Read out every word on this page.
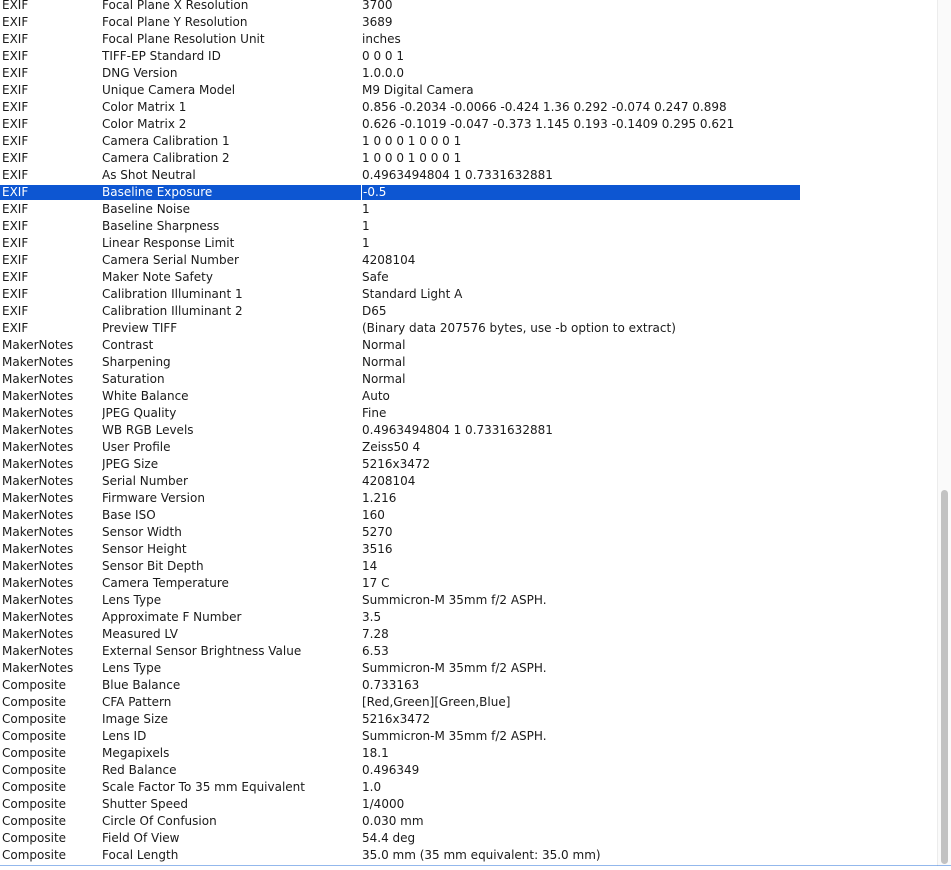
EXIF	Focal Plane X Resolution	3700
EXIF	Focal Plane Y Resolution	3689
EXIF	Focal Plane Resolution Unit	inches
EXIF	TIFF-EP Standard ID	0 0 0 1
EXIF	DNG Version	1.0.0.0
EXIF	Unique Camera Model	M9 Digital Camera
EXIF	Color Matrix 1	0.856 -0.2034 -0.0066 -0.424 1.36 0.292 -0.074 0.247 0.898
EXIF	Color Matrix 2	0.626 -0.1019 -0.047 -0.373 1.145 0.193 -0.1409 0.295 0.621
EXIF	Camera Calibration 1	1 0 0 0 1 0 0 0 1
EXIF	Camera Calibration 2	1 0 0 0 1 0 0 0 1
EXIF	As Shot Neutral	0.4963494804 1 0.7331632881
EXIF	Baseline Exposure	-0.5
EXIF	Baseline Noise	1
EXIF	Baseline Sharpness	1
EXIF	Linear Response Limit	1
EXIF	Camera Serial Number	4208104
EXIF	Maker Note Safety	Safe
EXIF	Calibration Illuminant 1	Standard Light A
EXIF	Calibration Illuminant 2	D65
EXIF	Preview TIFF	(Binary data 207576 bytes, use -b option to extract)
MakerNotes	Contrast	Normal
MakerNotes	Sharpening	Normal
MakerNotes	Saturation	Normal
MakerNotes	White Balance	Auto
MakerNotes	JPEG Quality	Fine
MakerNotes	WB RGB Levels	0.4963494804 1 0.7331632881
MakerNotes	User Profile	Zeiss50 4
MakerNotes	JPEG Size	5216x3472
MakerNotes	Serial Number	4208104
MakerNotes	Firmware Version	1.216
MakerNotes	Base ISO	160
MakerNotes	Sensor Width	5270
MakerNotes	Sensor Height	3516
MakerNotes	Sensor Bit Depth	14
MakerNotes	Camera Temperature	17 C
MakerNotes	Lens Type	Summicron-M 35mm f/2 ASPH.
MakerNotes	Approximate F Number	3.5
MakerNotes	Measured LV	7.28
MakerNotes	External Sensor Brightness Value	6.53
MakerNotes	Lens Type	Summicron-M 35mm f/2 ASPH.
Composite	Blue Balance	0.733163
Composite	CFA Pattern	[Red,Green][Green,Blue]
Composite	Image Size	5216x3472
Composite	Lens ID	Summicron-M 35mm f/2 ASPH.
Composite	Megapixels	18.1
Composite	Red Balance	0.496349
Composite	Scale Factor To 35 mm Equivalent	1.0
Composite	Shutter Speed	1/4000
Composite	Circle Of Confusion	0.030 mm
Composite	Field Of View	54.4 deg
Composite	Focal Length	35.0 mm (35 mm equivalent: 35.0 mm)
